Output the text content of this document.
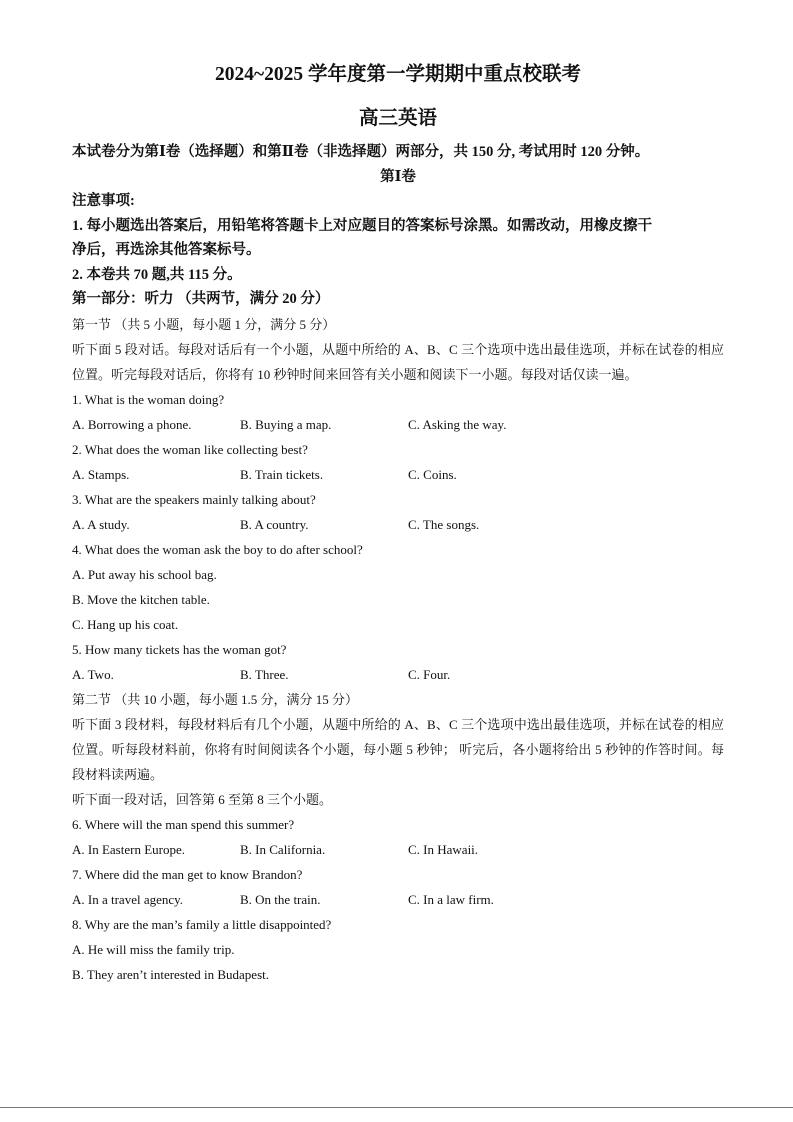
2024~2025 学年度第一学期期中重点校联考
高三英语
本试卷分为第Ⅰ卷（选择题）和第Ⅱ卷（非选择题）两部分，共 150 分, 考试用时 120 分钟。
第Ⅰ卷
注意事项:
1. 每小题选出答案后，用铅笔将答题卡上对应题目的答案标号涂黑。如需改动，用橡皮擦干
净后，再选涂其他答案标号。
2. 本卷共 70 题,共 115 分。
第一部分：听力 （共两节，满分 20 分）
第一节 （共 5 小题，每小题 1 分，满分 5 分）
听下面 5 段对话。每段对话后有一个小题，从题中所给的 A、B、C 三个选项中选出最佳选项，并标在试卷的相应位置。听完每段对话后，你将有 10 秒钟时间来回答有关小题和阅读下一小题。每段对话仅读一遍。
1. What is the woman doing?
A. Borrowing a phone.	B. Buying a map.	C. Asking the way.
2. What does the woman like collecting best?
A. Stamps.	B. Train tickets.	C. Coins.
3. What are the speakers mainly talking about?
A. A study.	B. A country.	C. The songs.
4. What does the woman ask the boy to do after school?
A. Put away his school bag.
B. Move the kitchen table.
C. Hang up his coat.
5. How many tickets has the woman got?
A. Two.	B. Three.	C. Four.
第二节 （共 10 小题，每小题 1.5 分，满分 15 分）
听下面 3 段材料，每段材料后有几个小题，从题中所给的 A、B、C 三个选项中选出最佳选项，并标在试卷的相应位置。听每段材料前，你将有时间阅读各个小题，每小题 5 秒钟； 听完后，各小题将给出 5 秒钟的作答时间。每段材料读两遍。
听下面一段对话，回答第 6 至第 8 三个小题。
6. Where will the man spend this summer?
A. In Eastern Europe.	B. In California.	C. In Hawaii.
7. Where did the man get to know Brandon?
A. In a travel agency.	B. On the train.	C. In a law firm.
8. Why are the man’s family a little disappointed?
A. He will miss the family trip.
B. They aren’t interested in Budapest.
